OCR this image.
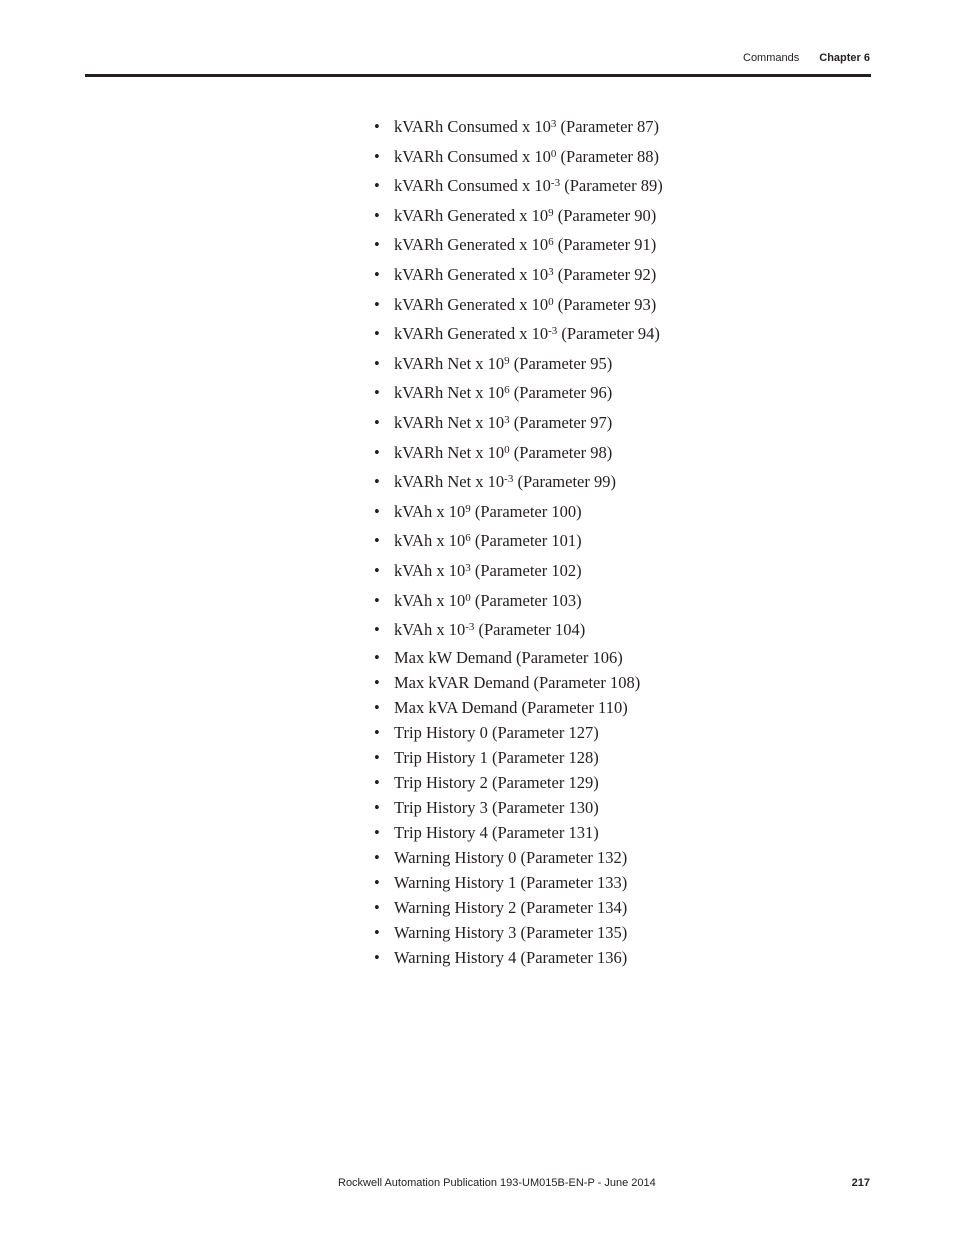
Commands Chapter 6
• kVARh Consumed x $10^3$ (Parameter 87)
• kVARh Consumed x $10^0$ (Parameter 88)
• kVARh Consumed x $10^{-3}$ (Parameter 89)
• kVARh Generated x $10^9$ (Parameter 90)
• kVARh Generated x $10^6$ (Parameter 91)
• kVARh Generated x $10^3$ (Parameter 92)
• kVARh Generated x $10^0$ (Parameter 93)
• kVARh Generated x $10^{-3}$ (Parameter 94)
• kVARh Net x $10^9$ (Parameter 95)
• kVARh Net x $10^6$ (Parameter 96)
• kVARh Net x $10^3$ (Parameter 97)
• kVARh Net x $10^0$ (Parameter 98)
• kVARh Net x $10^{-3}$ (Parameter 99)
• kVAh x $10^9$ (Parameter 100)
• kVAh x $10^6$ (Parameter 101)
• kVAh x $10^3$ (Parameter 102)
• kVAh x $10^0$ (Parameter 103)
• kVAh x $10^{-3}$ (Parameter 104)
• Max kW Demand (Parameter 106)
• Max kVAR Demand (Parameter 108)
• Max kVA Demand (Parameter 110)
• Trip History 0 (Parameter 127)
• Trip History 1 (Parameter 128)
• Trip History 2 (Parameter 129)
• Trip History 3 (Parameter 130)
• Trip History 4 (Parameter 131)
• Warning History 0 (Parameter 132)
• Warning History 1 (Parameter 133)
• Warning History 2 (Parameter 134)
• Warning History 3 (Parameter 135)
• Warning History 4 (Parameter 136)
Rockwell Automation Publication 193-UM015B-EN-P - June 2014	217
